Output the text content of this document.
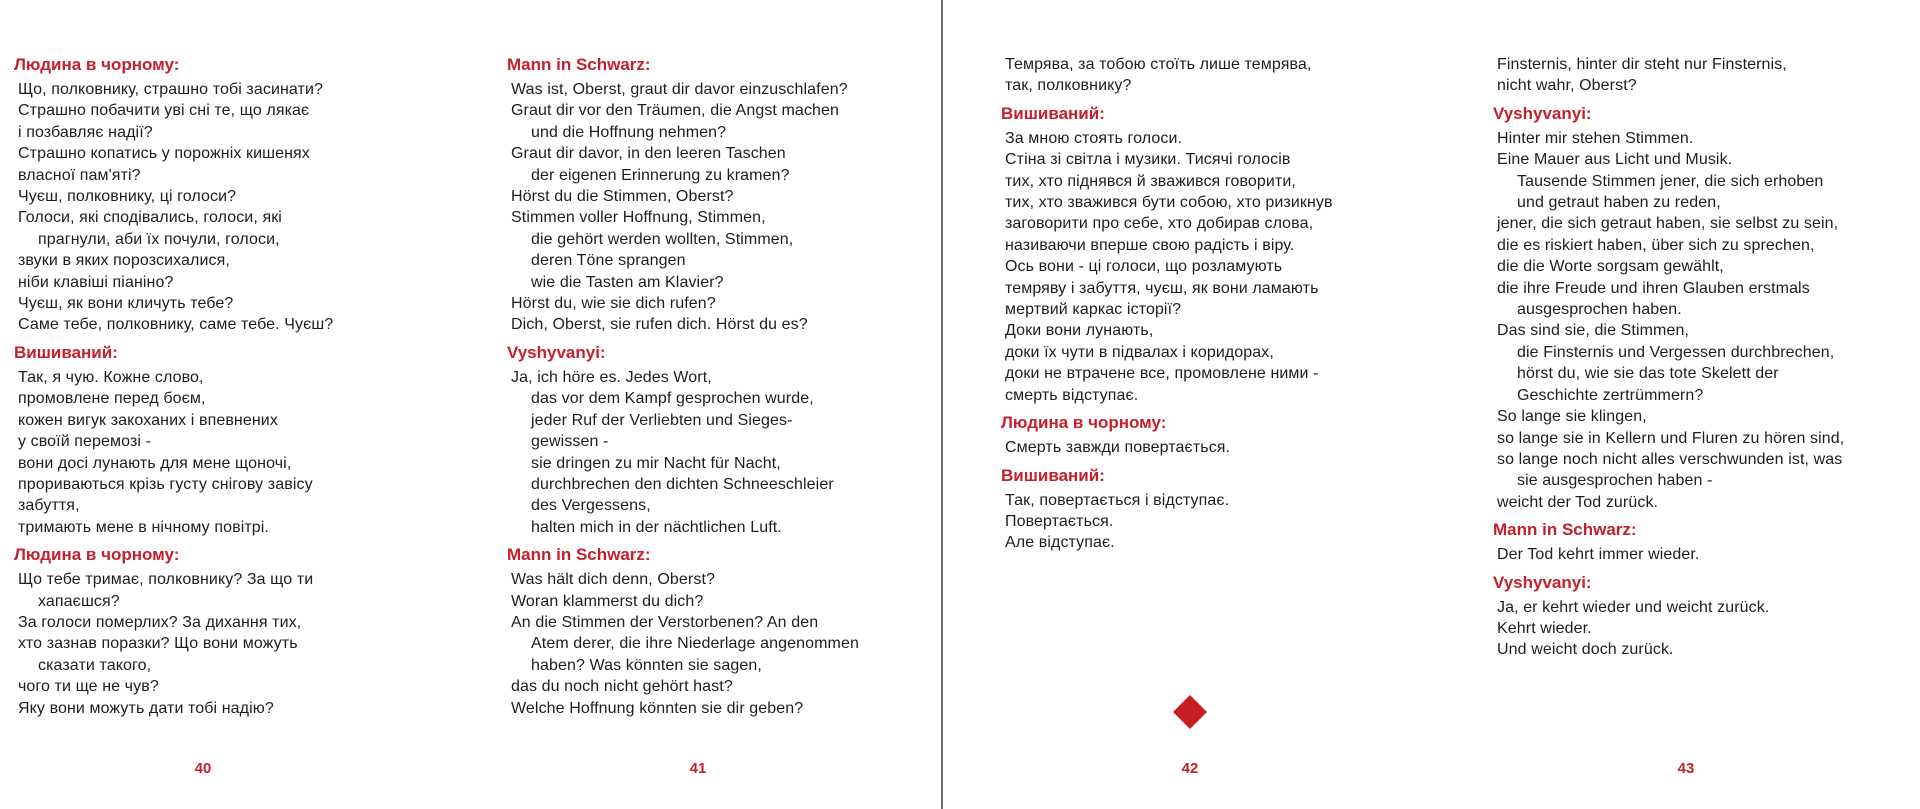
Людина в чорному:
Що, полковнику, страшно тобі засинати?
Страшно побачити уві сні те, що лякає
і позбавляє надії?
Страшно копатись у порожніх кишенях
власної пам'яті?
Чуєш, полковнику, ці голоси?
Голоси, які сподівались, голоси, які
прагнули, аби їх почули, голоси,
звуки в яких порозсихалися,
ніби клавіші піаніно?
Чуєш, як вони кличуть тебе?
Саме тебе, полковнику, саме тебе. Чуєш?
Вишиваний:
Так, я чую. Кожне слово,
промовлене перед боєм,
кожен вигук закоханих і впевнених
у своїй перемозі -
вони досі лунають для мене щоночі,
прориваються крізь густу снігову завісу
забуття,
тримають мене в нічному повітрі.
Людина в чорному:
Що тебе тримає, полковнику? За що ти
хапаєшся?
За голоси померлих? За дихання тих,
хто зазнав поразки? Що вони можуть
сказати такого,
чого ти ще не чув?
Яку вони можуть дати тобі надію?
Mann in Schwarz:
Was ist, Oberst, graut dir davor einzuschlafen?
Graut dir vor den Träumen, die Angst machen
und die Hoffnung nehmen?
Graut dir davor, in den leeren Taschen
der eigenen Erinnerung zu kramen?
Hörst du die Stimmen, Oberst?
Stimmen voller Hoffnung, Stimmen,
die gehört werden wollten, Stimmen,
deren Töne sprangen
wie die Tasten am Klavier?
Hörst du, wie sie dich rufen?
Dich, Oberst, sie rufen dich. Hörst du es?
Vyshyvanyi:
Ja, ich höre es. Jedes Wort,
das vor dem Kampf gesprochen wurde,
jeder Ruf der Verliebten und Sieges-
gewissen -
sie dringen zu mir Nacht für Nacht,
durchbrechen den dichten Schneeschleier
des Vergessens,
halten mich in der nächtlichen Luft.
Mann in Schwarz:
Was hält dich denn, Oberst?
Woran klammerst du dich?
An die Stimmen der Verstorbenen? An den
Atem derer, die ihre Niederlage angenommen
haben? Was könnten sie sagen,
das du noch nicht gehört hast?
Welche Hoffnung könnten sie dir geben?
Темрява, за тобою стоїть лише темрява,
так, полковнику?
Вишиваний:
За мною стоять голоси.
Стіна зі світла і музики. Тисячі голосів
тих, хто піднявся й зважився говорити,
тих, хто зважився бути собою, хто ризикнув
заговорити про себе, хто добирав слова,
називаючи вперше свою радість і віру.
Ось вони - ці голоси, що розламують
темряву і забуття, чуєш, як вони ламають
мертвий каркас історії?
Доки вони лунають,
доки їх чути в підвалах і коридорах,
доки не втрачене все, промовлене ними -
смерть відступає.
Людина в чорному:
Смерть завжди повертається.
Вишиваний:
Так, повертається і відступає.
Повертається.
Але відступає.
Finsternis, hinter dir steht nur Finsternis,
nicht wahr, Oberst?
Vyshyvanyi:
Hinter mir stehen Stimmen.
Eine Mauer aus Licht und Musik.
Tausende Stimmen jener, die sich erhoben
und getraut haben zu reden,
jener, die sich getraut haben, sie selbst zu sein,
die es riskiert haben, über sich zu sprechen,
die die Worte sorgsam gewählt,
die ihre Freude und ihren Glauben erstmals
ausgesprochen haben.
Das sind sie, die Stimmen,
die Finsternis und Vergessen durchbrechen,
hörst du, wie sie das tote Skelett der
Geschichte zertrümmern?
So lange sie klingen,
so lange sie in Kellern und Fluren zu hören sind,
so lange noch nicht alles verschwunden ist, was
sie ausgesprochen haben -
weicht der Tod zurück.
Mann in Schwarz:
Der Tod kehrt immer wieder.
Vyshyvanyi:
Ja, er kehrt wieder und weicht zurück.
Kehrt wieder.
Und weicht doch zurück.
40	41	42	43
